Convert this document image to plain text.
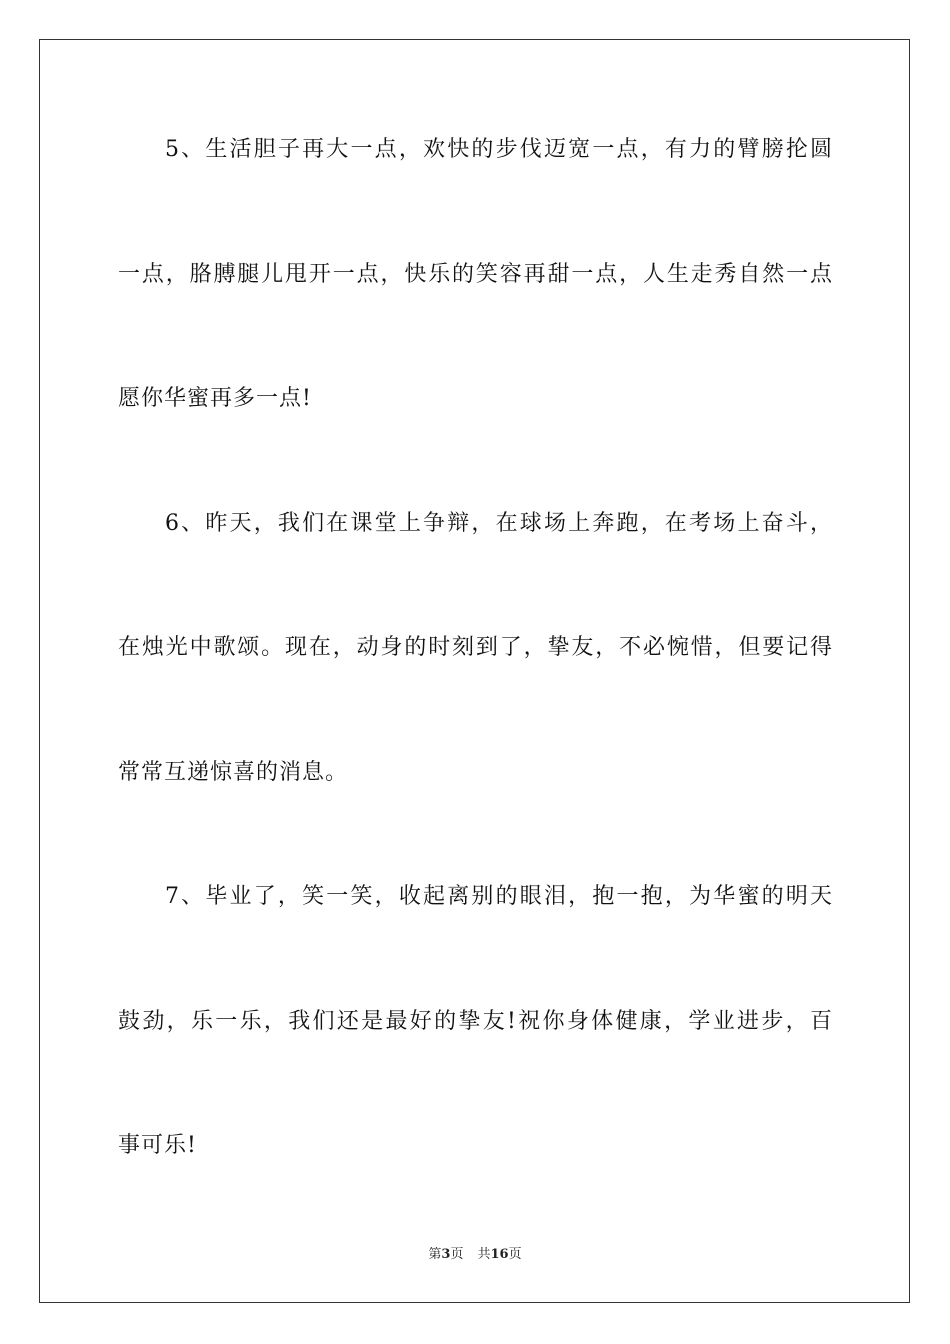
5、生活胆子再大一点，欢快的步伐迈宽一点，有力的臂膀抡圆
一点，胳膊腿儿甩开一点，快乐的笑容再甜一点，人生走秀自然一点
愿你华蜜再多一点!
6、昨天，我们在课堂上争辩，在球场上奔跑，在考场上奋斗，
在烛光中歌颂。现在，动身的时刻到了，挚友，不必惋惜，但要记得
常常互递惊喜的消息。
7、毕业了，笑一笑，收起离别的眼泪，抱一抱，为华蜜的明天
鼓劲，乐一乐，我们还是最好的挚友!祝你身体健康，学业进步，百
事可乐!
第3页 共16页
